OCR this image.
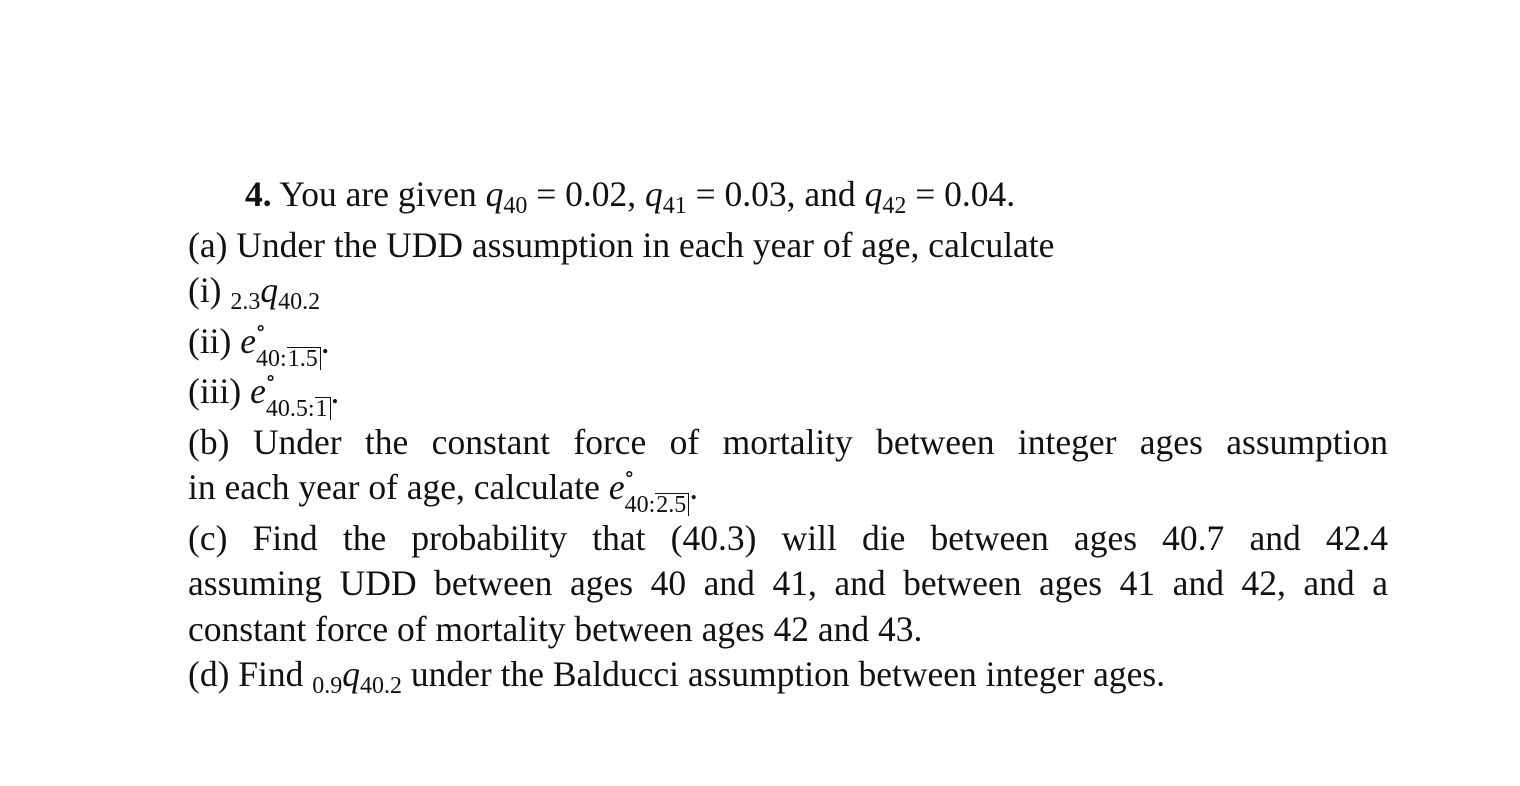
4. You are given q40 = 0.02, q41 = 0.03, and q42 = 0.04.
(a) Under the UDD assumption in each year of age, calculate
(i) 2.3q40.2
(ii) e ∘
$_{40:1.5}$.
(iii) e ∘
$_{40.5:1}$.
(b) Under the constant force of mortality between integer ages assumption
in each year of age, calculate e ∘
$_{40:2.5}$.
(c) Find the probability that (40.3) will die between ages 40.7 and 42.4
assuming UDD between ages 40 and 41, and between ages 41 and 42, and a
constant force of mortality between ages 42 and 43.
(d) Find 0.9q40.2 under the Balducci assumption between integer ages.
